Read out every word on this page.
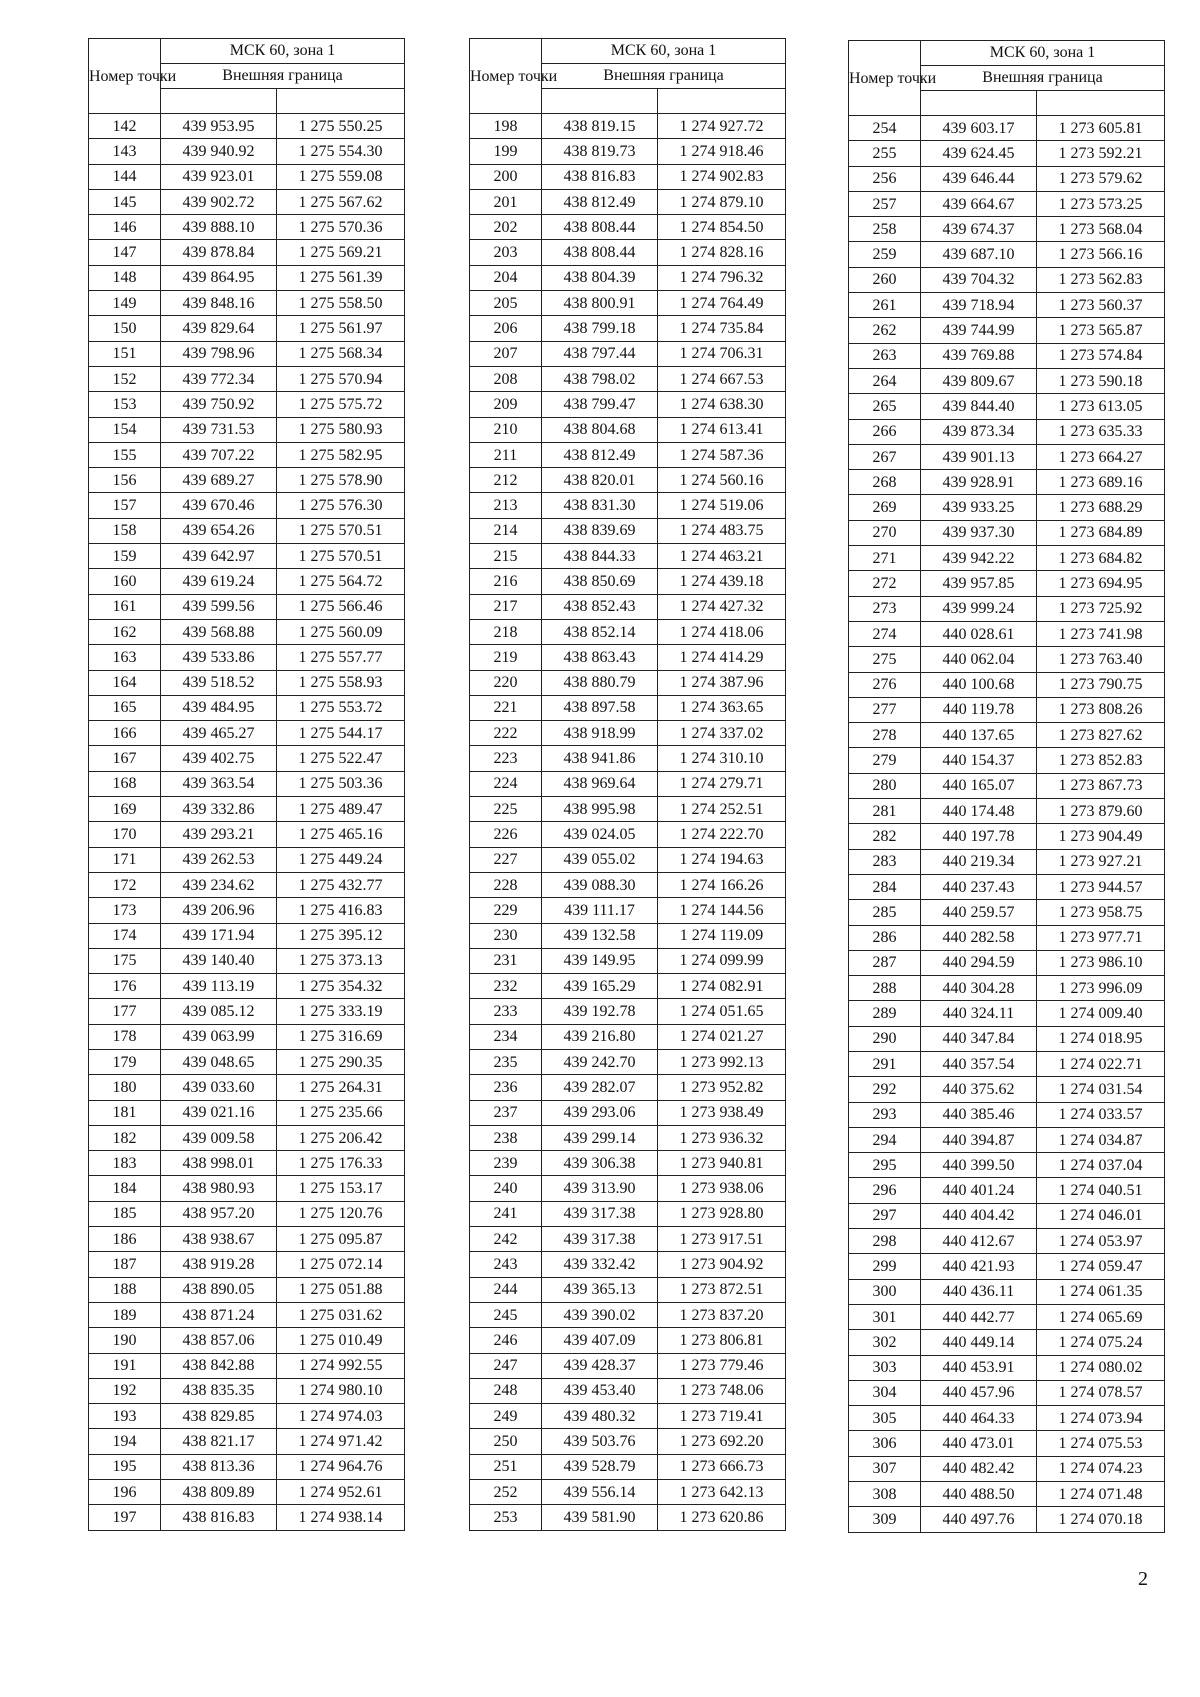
Номер точки	МСК 60, зона 1	

	Внешняя граница	

142	439 953.95	1 275 550.25
143	439 940.92	1 275 554.30
144	439 923.01	1 275 559.08
145	439 902.72	1 275 567.62
146	439 888.10	1 275 570.36
147	439 878.84	1 275 569.21
148	439 864.95	1 275 561.39
149	439 848.16	1 275 558.50
150	439 829.64	1 275 561.97
151	439 798.96	1 275 568.34
152	439 772.34	1 275 570.94
153	439 750.92	1 275 575.72
154	439 731.53	1 275 580.93
155	439 707.22	1 275 582.95
156	439 689.27	1 275 578.90
157	439 670.46	1 275 576.30
158	439 654.26	1 275 570.51
159	439 642.97	1 275 570.51
160	439 619.24	1 275 564.72
161	439 599.56	1 275 566.46
162	439 568.88	1 275 560.09
163	439 533.86	1 275 557.77
164	439 518.52	1 275 558.93
165	439 484.95	1 275 553.72
166	439 465.27	1 275 544.17
167	439 402.75	1 275 522.47
168	439 363.54	1 275 503.36
169	439 332.86	1 275 489.47
170	439 293.21	1 275 465.16
171	439 262.53	1 275 449.24
172	439 234.62	1 275 432.77
173	439 206.96	1 275 416.83
174	439 171.94	1 275 395.12
175	439 140.40	1 275 373.13
176	439 113.19	1 275 354.32
177	439 085.12	1 275 333.19
178	439 063.99	1 275 316.69
179	439 048.65	1 275 290.35
180	439 033.60	1 275 264.31
181	439 021.16	1 275 235.66
182	439 009.58	1 275 206.42
183	438 998.01	1 275 176.33
184	438 980.93	1 275 153.17
185	438 957.20	1 275 120.76
186	438 938.67	1 275 095.87
187	438 919.28	1 275 072.14
188	438 890.05	1 275 051.88
189	438 871.24	1 275 031.62
190	438 857.06	1 275 010.49
191	438 842.88	1 274 992.55
192	438 835.35	1 274 980.10
193	438 829.85	1 274 974.03
194	438 821.17	1 274 971.42
195	438 813.36	1 274 964.76
196	438 809.89	1 274 952.61
197	438 816.83	1 274 938.14
Номер точки	МСК 60, зона 1	

	Внешняя граница	

198	438 819.15	1 274 927.72
199	438 819.73	1 274 918.46
200	438 816.83	1 274 902.83
201	438 812.49	1 274 879.10
202	438 808.44	1 274 854.50
203	438 808.44	1 274 828.16
204	438 804.39	1 274 796.32
205	438 800.91	1 274 764.49
206	438 799.18	1 274 735.84
207	438 797.44	1 274 706.31
208	438 798.02	1 274 667.53
209	438 799.47	1 274 638.30
210	438 804.68	1 274 613.41
211	438 812.49	1 274 587.36
212	438 820.01	1 274 560.16
213	438 831.30	1 274 519.06
214	438 839.69	1 274 483.75
215	438 844.33	1 274 463.21
216	438 850.69	1 274 439.18
217	438 852.43	1 274 427.32
218	438 852.14	1 274 418.06
219	438 863.43	1 274 414.29
220	438 880.79	1 274 387.96
221	438 897.58	1 274 363.65
222	438 918.99	1 274 337.02
223	438 941.86	1 274 310.10
224	438 969.64	1 274 279.71
225	438 995.98	1 274 252.51
226	439 024.05	1 274 222.70
227	439 055.02	1 274 194.63
228	439 088.30	1 274 166.26
229	439 111.17	1 274 144.56
230	439 132.58	1 274 119.09
231	439 149.95	1 274 099.99
232	439 165.29	1 274 082.91
233	439 192.78	1 274 051.65
234	439 216.80	1 274 021.27
235	439 242.70	1 273 992.13
236	439 282.07	1 273 952.82
237	439 293.06	1 273 938.49
238	439 299.14	1 273 936.32
239	439 306.38	1 273 940.81
240	439 313.90	1 273 938.06
241	439 317.38	1 273 928.80
242	439 317.38	1 273 917.51
243	439 332.42	1 273 904.92
244	439 365.13	1 273 872.51
245	439 390.02	1 273 837.20
246	439 407.09	1 273 806.81
247	439 428.37	1 273 779.46
248	439 453.40	1 273 748.06
249	439 480.32	1 273 719.41
250	439 503.76	1 273 692.20
251	439 528.79	1 273 666.73
252	439 556.14	1 273 642.13
253	439 581.90	1 273 620.86
Номер точки	МСК 60, зона 1	

	Внешняя граница	

254	439 603.17	1 273 605.81
255	439 624.45	1 273 592.21
256	439 646.44	1 273 579.62
257	439 664.67	1 273 573.25
258	439 674.37	1 273 568.04
259	439 687.10	1 273 566.16
260	439 704.32	1 273 562.83
261	439 718.94	1 273 560.37
262	439 744.99	1 273 565.87
263	439 769.88	1 273 574.84
264	439 809.67	1 273 590.18
265	439 844.40	1 273 613.05
266	439 873.34	1 273 635.33
267	439 901.13	1 273 664.27
268	439 928.91	1 273 689.16
269	439 933.25	1 273 688.29
270	439 937.30	1 273 684.89
271	439 942.22	1 273 684.82
272	439 957.85	1 273 694.95
273	439 999.24	1 273 725.92
274	440 028.61	1 273 741.98
275	440 062.04	1 273 763.40
276	440 100.68	1 273 790.75
277	440 119.78	1 273 808.26
278	440 137.65	1 273 827.62
279	440 154.37	1 273 852.83
280	440 165.07	1 273 867.73
281	440 174.48	1 273 879.60
282	440 197.78	1 273 904.49
283	440 219.34	1 273 927.21
284	440 237.43	1 273 944.57
285	440 259.57	1 273 958.75
286	440 282.58	1 273 977.71
287	440 294.59	1 273 986.10
288	440 304.28	1 273 996.09
289	440 324.11	1 274 009.40
290	440 347.84	1 274 018.95
291	440 357.54	1 274 022.71
292	440 375.62	1 274 031.54
293	440 385.46	1 274 033.57
294	440 394.87	1 274 034.87
295	440 399.50	1 274 037.04
296	440 401.24	1 274 040.51
297	440 404.42	1 274 046.01
298	440 412.67	1 274 053.97
299	440 421.93	1 274 059.47
300	440 436.11	1 274 061.35
301	440 442.77	1 274 065.69
302	440 449.14	1 274 075.24
303	440 453.91	1 274 080.02
304	440 457.96	1 274 078.57
305	440 464.33	1 274 073.94
306	440 473.01	1 274 075.53
307	440 482.42	1 274 074.23
308	440 488.50	1 274 071.48
309	440 497.76	1 274 070.18
2
